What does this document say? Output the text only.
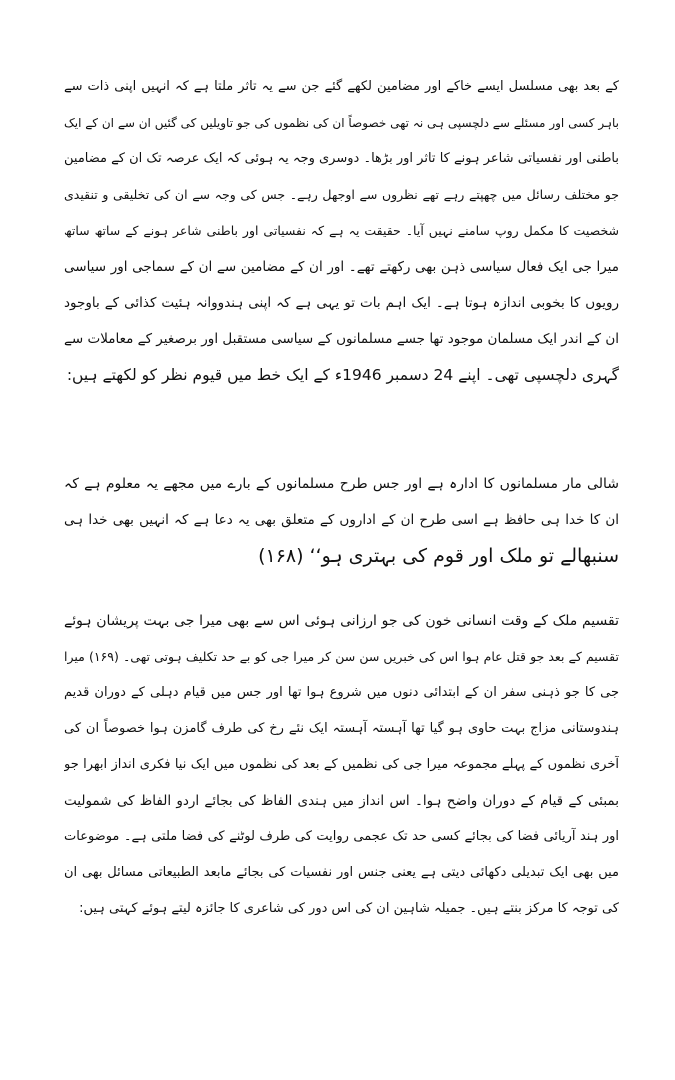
کے بعد بھی مسلسل ایسے خاکے اور مضامین لکھے گئے جن سے یہ تاثر ملتا ہے کہ انہیں اپنی ذات سے
باہر کسی اور مسئلے سے دلچسپی ہی نہ تھی خصوصاً ان کی نظموں کی جو تاویلیں کی گئیں ان سے ان کے ایک
باطنی اور نفسیاتی شاعر ہونے کا تاثر اور بڑھا۔ دوسری وجہ یہ ہوئی کہ ایک عرصہ تک ان کے مضامین
جو مختلف رسائل میں چھپتے رہے تھے نظروں سے اوجھل رہے۔ جس کی وجہ سے ان کی تخلیقی و تنقیدی
شخصیت کا مکمل روپ سامنے نہیں آیا۔ حقیقت یہ ہے کہ نفسیاتی اور باطنی شاعر ہونے کے ساتھ ساتھ
میرا جی ایک فعال سیاسی ذہن بھی رکھتے تھے۔ اور ان کے مضامین سے ان کے سماجی اور سیاسی
رویوں کا بخوبی اندازہ ہوتا ہے۔ ایک اہم بات تو یہی ہے کہ اپنی ہندووانہ ہئیت کذائی کے باوجود
ان کے اندر ایک مسلمان موجود تھا جسے مسلمانوں کے سیاسی مستقبل اور برصغیر کے معاملات سے
گہری دلچسپی تھی۔ اپنے 24 دسمبر 1946ء کے ایک خط میں قیوم نظر کو لکھتے ہیں:
شالی مار مسلمانوں کا ادارہ ہے اور جس طرح مسلمانوں کے بارے میں مجھے یہ معلوم ہے کہ
ان کا خدا ہی حافظ ہے اسی طرح ان کے اداروں کے متعلق بھی یہ دعا ہے کہ انہیں بھی خدا ہی
سنبھالے تو ملک اور قوم کی بہتری ہو‘‘ (۱۶۸)
تقسیم ملک کے وقت انسانی خون کی جو ارزانی ہوئی اس سے بھی میرا جی بہت پریشان ہوئے
تقسیم کے بعد جو قتل عام ہوا اس کی خبریں سن سن کر میرا جی کو بے حد تکلیف ہوتی تھی۔ (۱۶۹) میرا
جی کا جو ذہنی سفر ان کے ابتدائی دنوں میں شروع ہوا تھا اور جس میں قیام دہلی کے دوران قدیم
ہندوستانی مزاج بہت حاوی ہو گیا تھا آہستہ آہستہ ایک نئے رخ کی طرف گامزن ہوا خصوصاً ان کی
آخری نظموں کے پہلے مجموعہ میرا جی کی نظمیں کے بعد کی نظموں میں ایک نیا فکری انداز ابھرا جو
بمبئی کے قیام کے دوران واضح ہوا۔ اس انداز میں ہندی الفاظ کی بجائے اردو الفاظ کی شمولیت
اور ہند آریائی فضا کی بجائے کسی حد تک عجمی روایت کی طرف لوٹنے کی فضا ملتی ہے۔ موضوعات
میں بھی ایک تبدیلی دکھائی دیتی ہے یعنی جنس اور نفسیات کی بجائے مابعد الطبیعاتی مسائل بھی ان
کی توجہ کا مرکز بنتے ہیں۔ جمیلہ شاہین ان کی اس دور کی شاعری کا جائزہ لیتے ہوئے کہتی ہیں:
